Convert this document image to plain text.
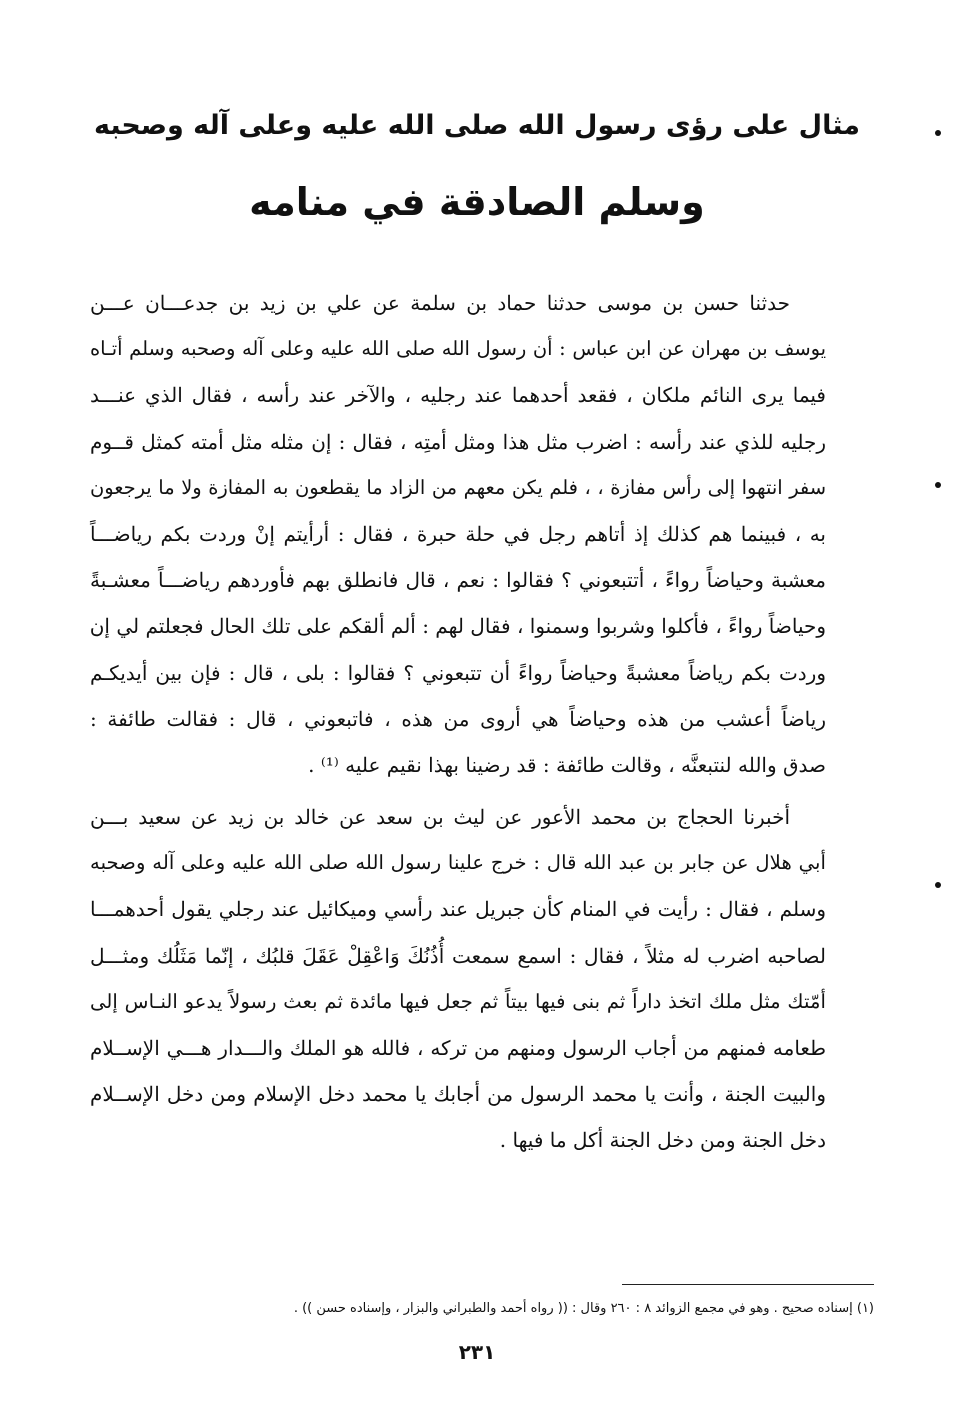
مثال على رؤى رسول الله صلى الله عليه وعلى آله وصحبه
وسلم الصادقة في منامه
حدثنا حسن بن موسى حدثنا حماد بن سلمة عن علي بن زيد بن جدعـــان عـــن
يوسف بن مهران عن ابن عباس : أن رسول الله صلى الله عليه وعلى آله وصحبه وسلم أتـاه
فيما يرى النائم ملكان ، فقعد أحدهما عند رجليه ، والآخر عند رأسه ، فقال الذي عنـــد
رجليه للذي عند رأسه : اضرب مثل هذا ومثل أمتِه ، فقال : إن مثله مثل أمته كمثل قــوم
سفر انتهوا إلى رأس مفازة ، ، فلم يكن معهم من الزاد ما يقطعون به المفازة ولا ما يرجعون
به ، فبينما هم كذلك إذ أتاهم رجل في حلة حبرة ، فقال : أرأيتم إنْ وردت بكم رياضـــاً
معشبة وحياضاً رواءً ، أتتبعوني ؟ فقالوا : نعم ، قال فانطلق بهم فأوردهم رياضـــاً معشـبةً
وحياضاً رواءً ، فأكلوا وشربوا وسمنوا ، فقال لهم : ألم ألقكم على تلك الحال فجعلتم لي إن
وردت بكم رياضاً معشبةً وحياضاً رواءً أن تتبعوني ؟ فقالوا : بلى ، قال : فإن بين أيديكـم
رياضاً أعشب من هذه وحياضاً هي أروى من هذه ، فاتبعوني ، قال : فقالت طائفة :
صدق والله لنتبعنَّه ، وقالت طائفة : قد رضينا بهذا نقيم عليه ⁽¹⁾ .
أخبرنا الحجاج بن محمد الأعور عن ليث بن سعد عن خالد بن زيد عن سعيد بـــن
أبي هلال عن جابر بن عبد الله قال : خرج علينا رسول الله صلى الله عليه وعلى آله وصحبه
وسلم ، فقال : رأيت في المنام كأن جبريل عند رأسي وميكائيل عند رجلي يقول أحدهمـــا
لصاحبه اضرب له مثلاً ، فقال : اسمع سمعت أُذُنُكَ وَاعْقِلْ عَقَلَ قلبُك ، إنّما مَثَلُك ومثـــل
أمّتك مثل ملك اتخذ داراً ثم بنى فيها بيتاً ثم جعل فيها مائدة ثم بعث رسولاً يدعو النـاس إلى
طعامه فمنهم من أجاب الرسول ومنهم من تركه ، فالله هو الملك والـــدار هـــي الإســلام
والبيت الجنة ، وأنت يا محمد الرسول من أجابك يا محمد دخل الإسلام ومن دخل الإســلام
دخل الجنة ومن دخل الجنة أكل ما فيها .
(١) إسناده صحيح . وهو في مجمع الزوائد ٨ : ٢٦٠ وقال : (( رواه أحمد والطبراني والبزار ، وإسناده حسن )) .
٢٣١
